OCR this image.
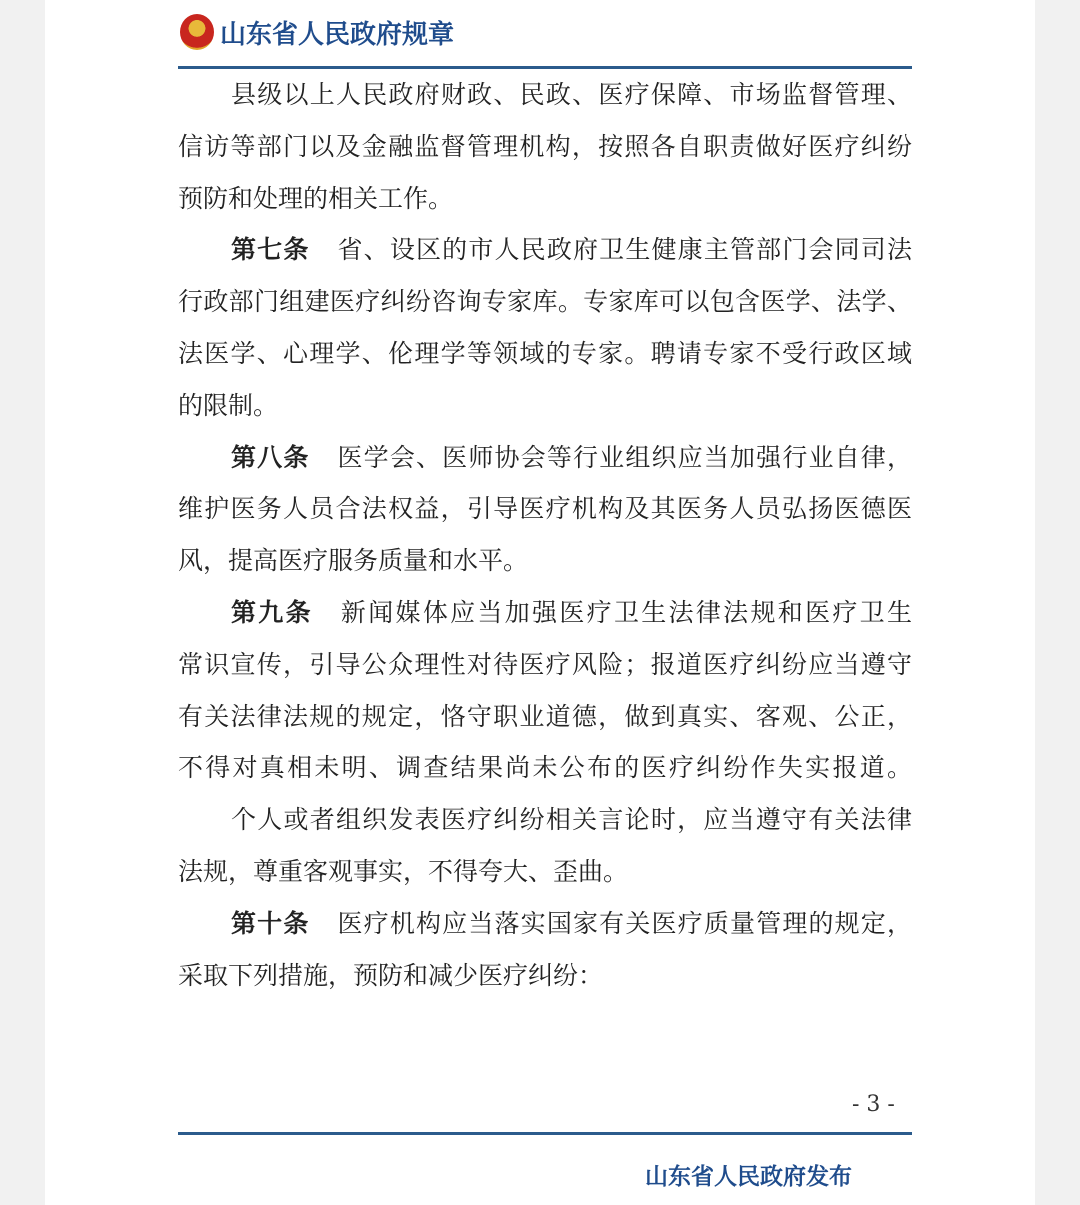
山东省人民政府规章
县级以上人民政府财政、民政、医疗保障、市场监督管理、
信访等部门以及金融监督管理机构，按照各自职责做好医疗纠纷
预防和处理的相关工作。
第七条 省、设区的市人民政府卫生健康主管部门会同司法
行政部门组建医疗纠纷咨询专家库。专家库可以包含医学、法学、
法医学、心理学、伦理学等领域的专家。聘请专家不受行政区域
的限制。
第八条 医学会、医师协会等行业组织应当加强行业自律，
维护医务人员合法权益，引导医疗机构及其医务人员弘扬医德医
风，提高医疗服务质量和水平。
第九条 新闻媒体应当加强医疗卫生法律法规和医疗卫生
常识宣传，引导公众理性对待医疗风险；报道医疗纠纷应当遵守
有关法律法规的规定，恪守职业道德，做到真实、客观、公正，
不得对真相未明、调查结果尚未公布的医疗纠纷作失实报道。
个人或者组织发表医疗纠纷相关言论时，应当遵守有关法律
法规，尊重客观事实，不得夸大、歪曲。
第十条 医疗机构应当落实国家有关医疗质量管理的规定，
采取下列措施，预防和减少医疗纠纷：
- 3 -
山东省人民政府发布
